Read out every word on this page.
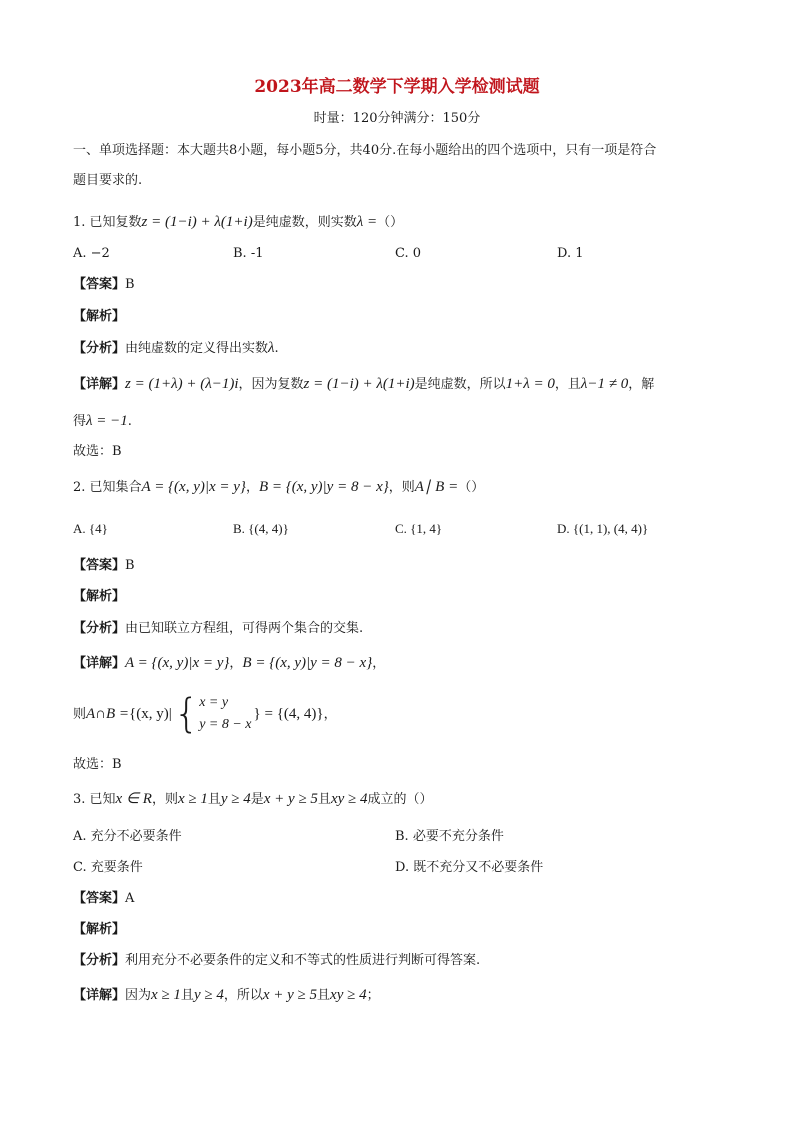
2023年高二数学下学期入学检测试题
时量：120分钟满分：150分
一、单项选择题：本大题共8小题，每小题5分，共40分.在每小题给出的四个选项中，只有一项是符合
题目要求的.
1. 已知复数z = (1−i) + λ(1+i)是纯虚数，则实数λ =（）
A. −2	B. -1	C. 0	D. 1
【答案】B
【解析】
【分析】由纯虚数的定义得出实数λ.
【详解】z = (1+λ) + (λ−1)i，因为复数z = (1−i) + λ(1+i)是纯虚数，所以1+λ = 0，且λ−1 ≠ 0，解
得λ = −1.
故选：B
2. 已知集合A = {(x, y)|x = y}，B = {(x, y)|y = 8 − x}，则A∣ B =（）
A. {4}	B. {(4, 4)}	C. {1, 4}	D. {(1, 1), (4, 4)}
【答案】B
【解析】
【分析】由已知联立方程组，可得两个集合的交集.
【详解】A = {(x, y)|x = y}，B = {(x, y)|y = 8 − x}，
则A∩B ={(x, y)|{ x = y
y = 8 − x
} = {(4, 4)}，
故选：B
3. 已知x ∈ R，则x ≥ 1且y ≥ 4是x + y ≥ 5且xy ≥ 4成立的（）
A. 充分不必要条件	B. 必要不充分条件
C. 充要条件	D. 既不充分又不必要条件
【答案】A
【解析】
【分析】利用充分不必要条件的定义和不等式的性质进行判断可得答案.
【详解】因为x ≥ 1且y ≥ 4，所以x + y ≥ 5且xy ≥ 4；
